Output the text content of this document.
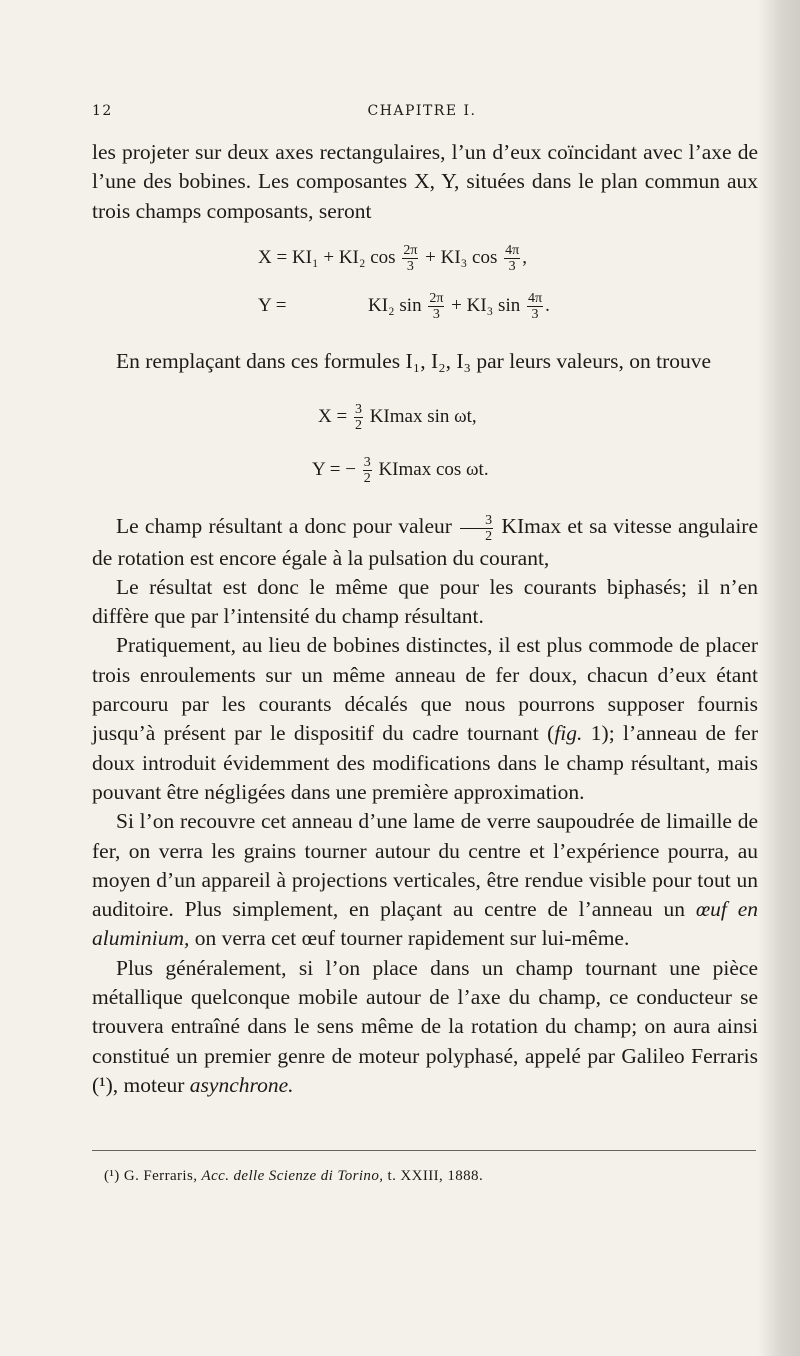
12	CHAPITRE I.

les projeter sur deux axes rectangulaires, l’un d’eux coïncidant avec l’axe de l’une des bobines. Les composantes X, Y, situées dans le plan commun aux trois champs composants, seront

X = KI₁ + KI₂ $\cos \frac{2\pi}{3} + KI_3$ $\cos \frac{4\pi}{3}$ ,
Y =	KI₂ $\sin \frac{2\pi}{3} + KI_3$ $\sin \frac{4\pi}{3}$ .

En remplaçant dans ces formules I₁, I₂, I₃ par leurs valeurs, on trouve

$X = \frac{3}{2}$ KImax sin ωt,
Y = − $\frac{3}{2}$ KImax cos ωt.

Le champ résultant a donc pour valeur $\frac{3}{2}$ KImax et sa vitesse angulaire de rotation est encore égale à la pulsation du courant,

Le résultat est donc le même que pour les courants biphasés; il n’en diffère que par l’intensité du champ résultant.

Pratiquement, au lieu de bobines distinctes, il est plus commode de placer trois enroulements sur un même anneau de fer doux, chacun d’eux étant parcouru par les courants décalés que nous pourrons supposer fournis jusqu’à présent par le dispositif du cadre tournant (fig. 1); l’anneau de fer doux introduit évidemment des modifications dans le champ résultant, mais pouvant être négligées dans une première approximation.

Si l’on recouvre cet anneau d’une lame de verre saupoudrée de limaille de fer, on verra les grains tourner autour du centre et l’expérience pourra, au moyen d’un appareil à projections verticales, être rendue visible pour tout un auditoire. Plus simplement, en plaçant au centre de l’anneau un œuf en aluminium, on verra cet œuf tourner rapidement sur lui-même.

Plus généralement, si l’on place dans un champ tournant une pièce métallique quelconque mobile autour de l’axe du champ, ce conducteur se trouvera entraîné dans le sens même de la rotation du champ; on aura ainsi constitué un premier genre de moteur polyphasé, appelé par Galileo Ferraris (¹), moteur asynchrone.

(¹) G. Ferraris, Acc. delle Scienze di Torino, t. XXIII, 1888.
